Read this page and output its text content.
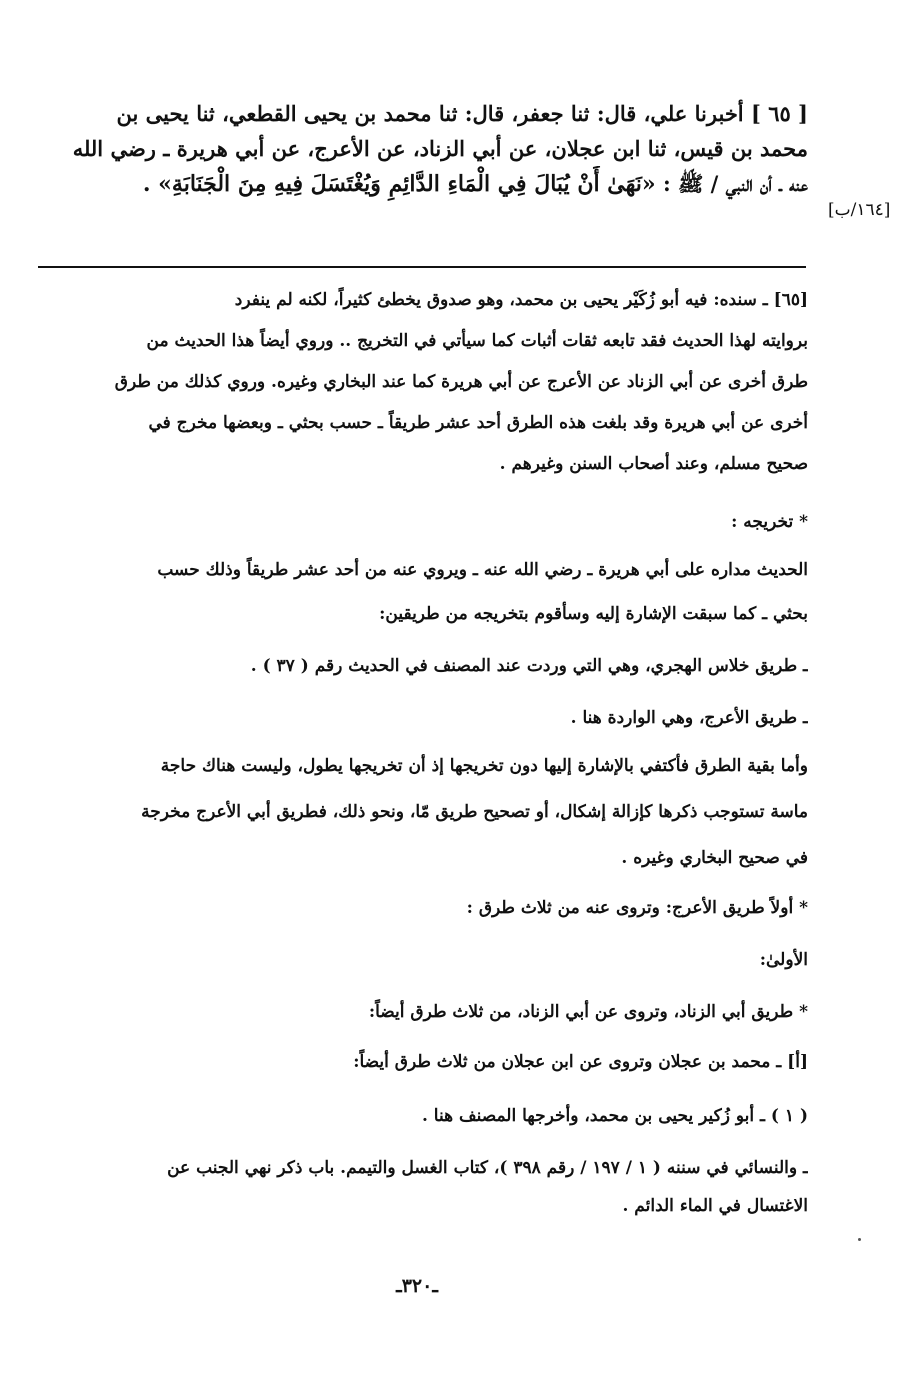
[١٦٤/ب]
[ ٦٥ ] أخبرنا علي، قال: ثنا جعفر، قال: ثنا محمد بن يحيى القطعي، ثنا يحيى بن
محمد بن قيس، ثنا ابن عجلان، عن أبي الزناد، عن الأعرج، عن أبي هريرة ـ رضي الله
عنه ـ أن النبي / ﷺ : «نَهَىٰ أَنْ يُبَالَ فِي الْمَاءِ الدَّائِمِ وَيُغْتَسَلَ فِيهِ مِنَ الْجَنَابَةِ» .

[٦٥] ـ سنده: فيه أبو زُكَيْر يحيى بن محمد، وهو صدوق يخطئ كثيراً، لكنه لم ينفرد

بروايته لهذا الحديث فقد تابعه ثقات أثبات كما سيأتي في التخريج .. وروي أيضاً هذا الحديث من

طرق أخرى عن أبي الزناد عن الأعرج عن أبي هريرة كما عند البخاري وغيره. وروي كذلك من طرق

أخرى عن أبي هريرة وقد بلغت هذه الطرق أحد عشر طريقاً ـ حسب بحثي ـ وبعضها مخرج في

صحيح مسلم، وعند أصحاب السنن وغيرهم .

* تخريجه :

الحديث مداره على أبي هريرة ـ رضي الله عنه ـ ويروي عنه من أحد عشر طريقاً وذلك حسب

بحثي ـ كما سبقت الإشارة إليه وسأقوم بتخريجه من طريقين:

ـ طريق خلاس الهجري، وهي التي وردت عند المصنف في الحديث رقم ( ٣٧ ) .

ـ طريق الأعرج، وهي الواردة هنا .

وأما بقية الطرق فأكتفي بالإشارة إليها دون تخريجها إذ أن تخريجها يطول، وليست هناك حاجة

ماسة تستوجب ذكرها كإزالة إشكال، أو تصحيح طريق مّا، ونحو ذلك، فطريق أبي الأعرج مخرجة

في صحيح البخاري وغيره .

* أولاً طريق الأعرج: وتروى عنه من ثلاث طرق :

الأولىٰ:

* طريق أبي الزناد، وتروى عن أبي الزناد، من ثلاث طرق أيضاً:

[أ] ـ محمد بن عجلان وتروى عن ابن عجلان من ثلاث طرق أيضاً:

( ١ ) ـ أبو زُكير يحيى بن محمد، وأخرجها المصنف هنا .

ـ والنسائي في سننه ( ١ / ١٩٧ / رقم ٣٩٨ )، كتاب الغسل والتيمم. باب ذكر نهي الجنب عن

الاغتسال في الماء الدائم .

ـ٣٢٠ـ
